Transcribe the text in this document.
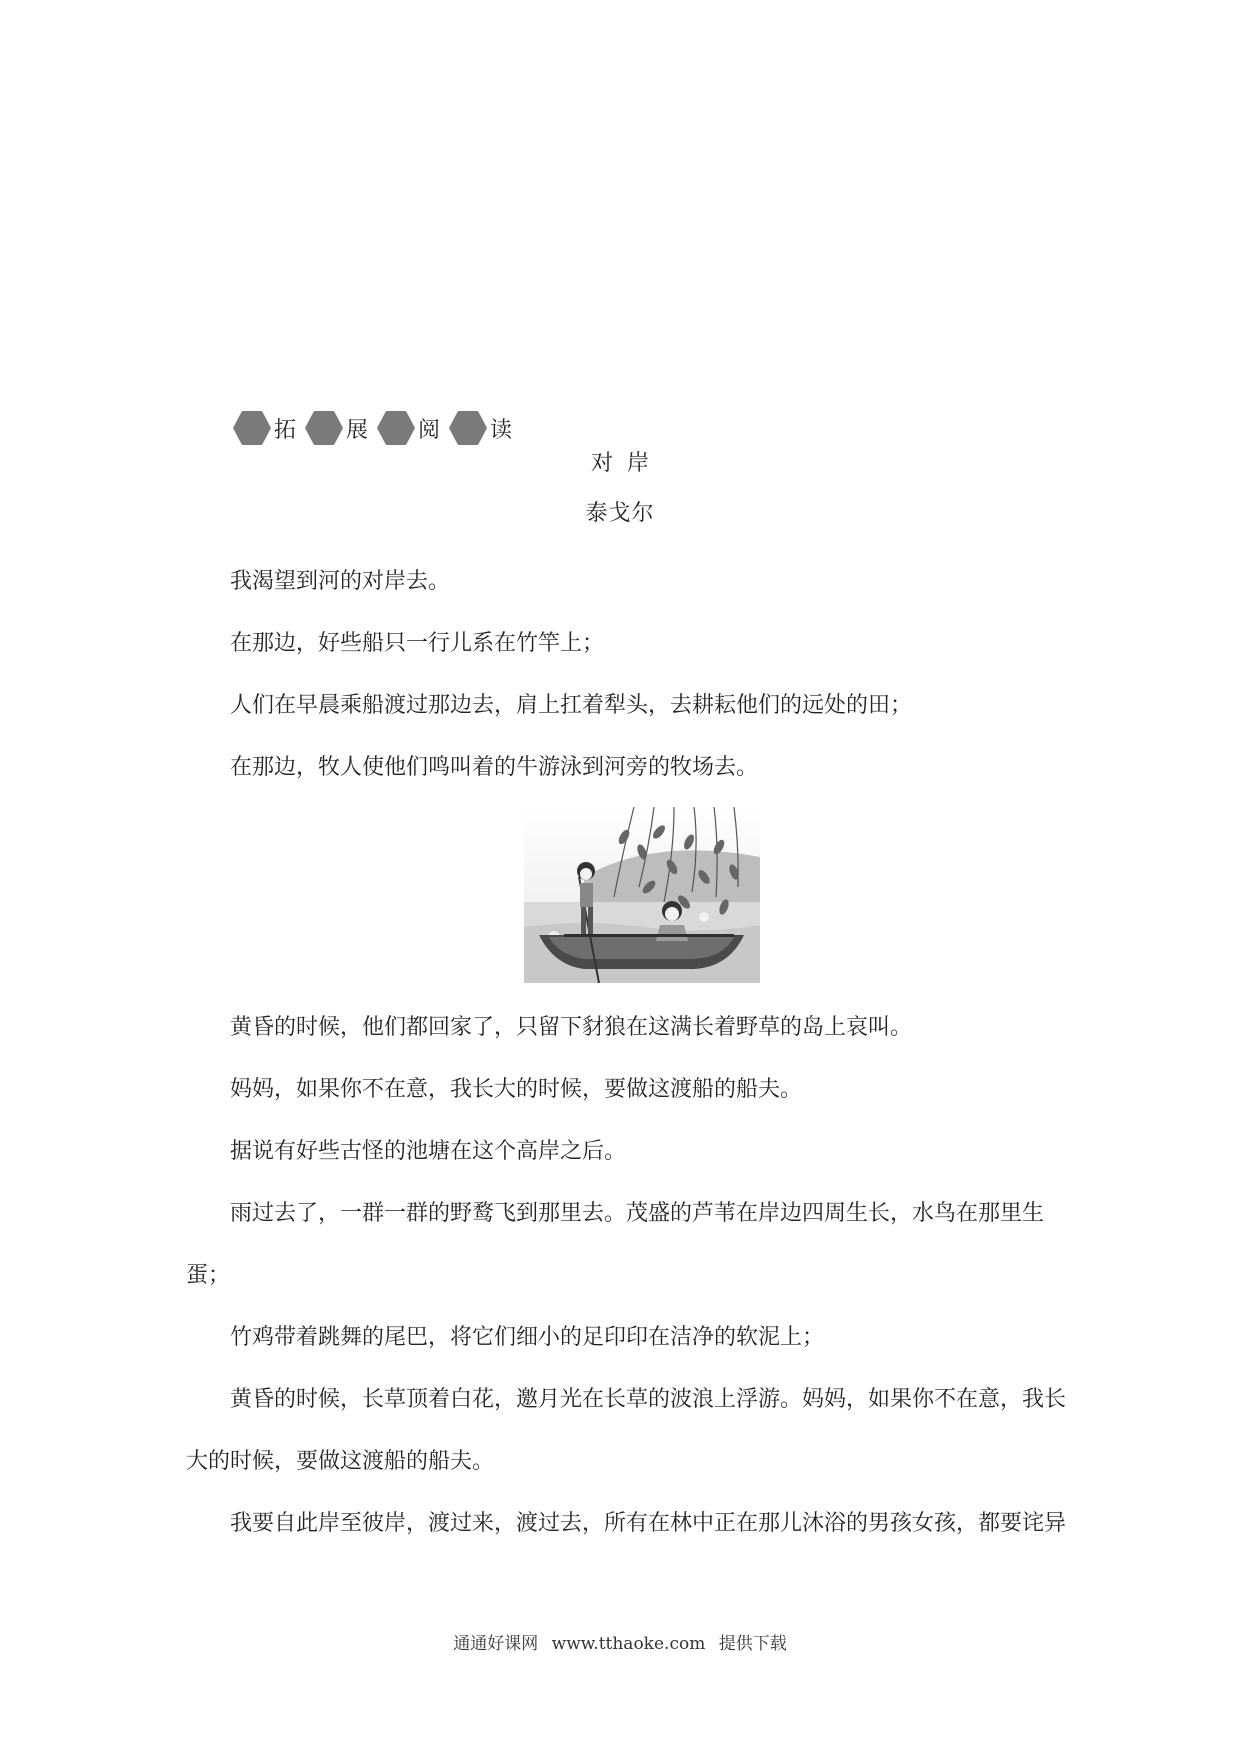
拓 展 阅 读
对岸
泰戈尔

我渴望到河的对岸去。

在那边，好些船只一行儿系在竹竿上；

人们在早晨乘船渡过那边去，肩上扛着犁头，去耕耘他们的远处的田；

在那边，牧人使他们鸣叫着的牛游泳到河旁的牧场去。

黄昏的时候，他们都回家了，只留下豺狼在这满长着野草的岛上哀叫。

妈妈，如果你不在意，我长大的时候，要做这渡船的船夫。

据说有好些古怪的池塘在这个高岸之后。

雨过去了，一群一群的野鹜飞到那里去。茂盛的芦苇在岸边四周生长，水鸟在那里生蛋；

竹鸡带着跳舞的尾巴，将它们细小的足印印在洁净的软泥上；

黄昏的时候，长草顶着白花，邀月光在长草的波浪上浮游。妈妈，如果你不在意，我长大的时候，要做这渡船的船夫。

我要自此岸至彼岸，渡过来，渡过去，所有在林中正在那儿沐浴的男孩女孩，都要诧异

通通好课网 www.tthaoke.com 提供下载
